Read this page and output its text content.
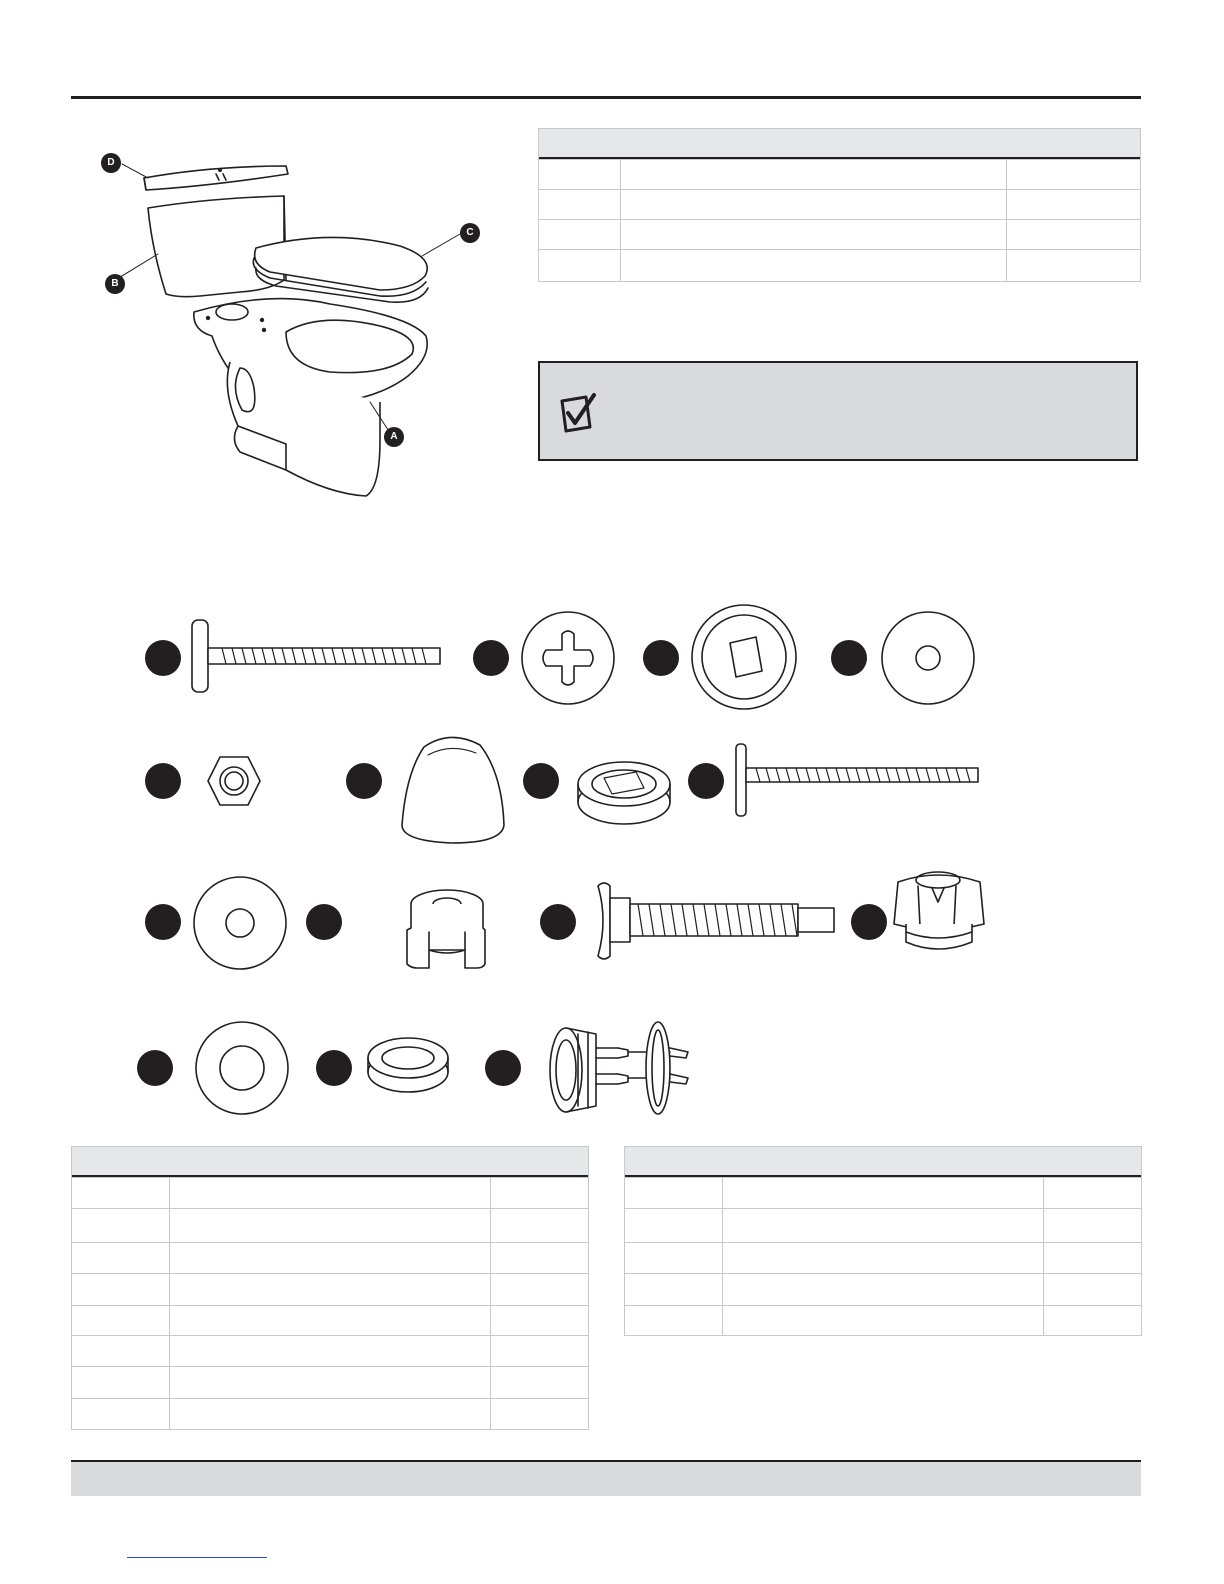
D
B
C
A
